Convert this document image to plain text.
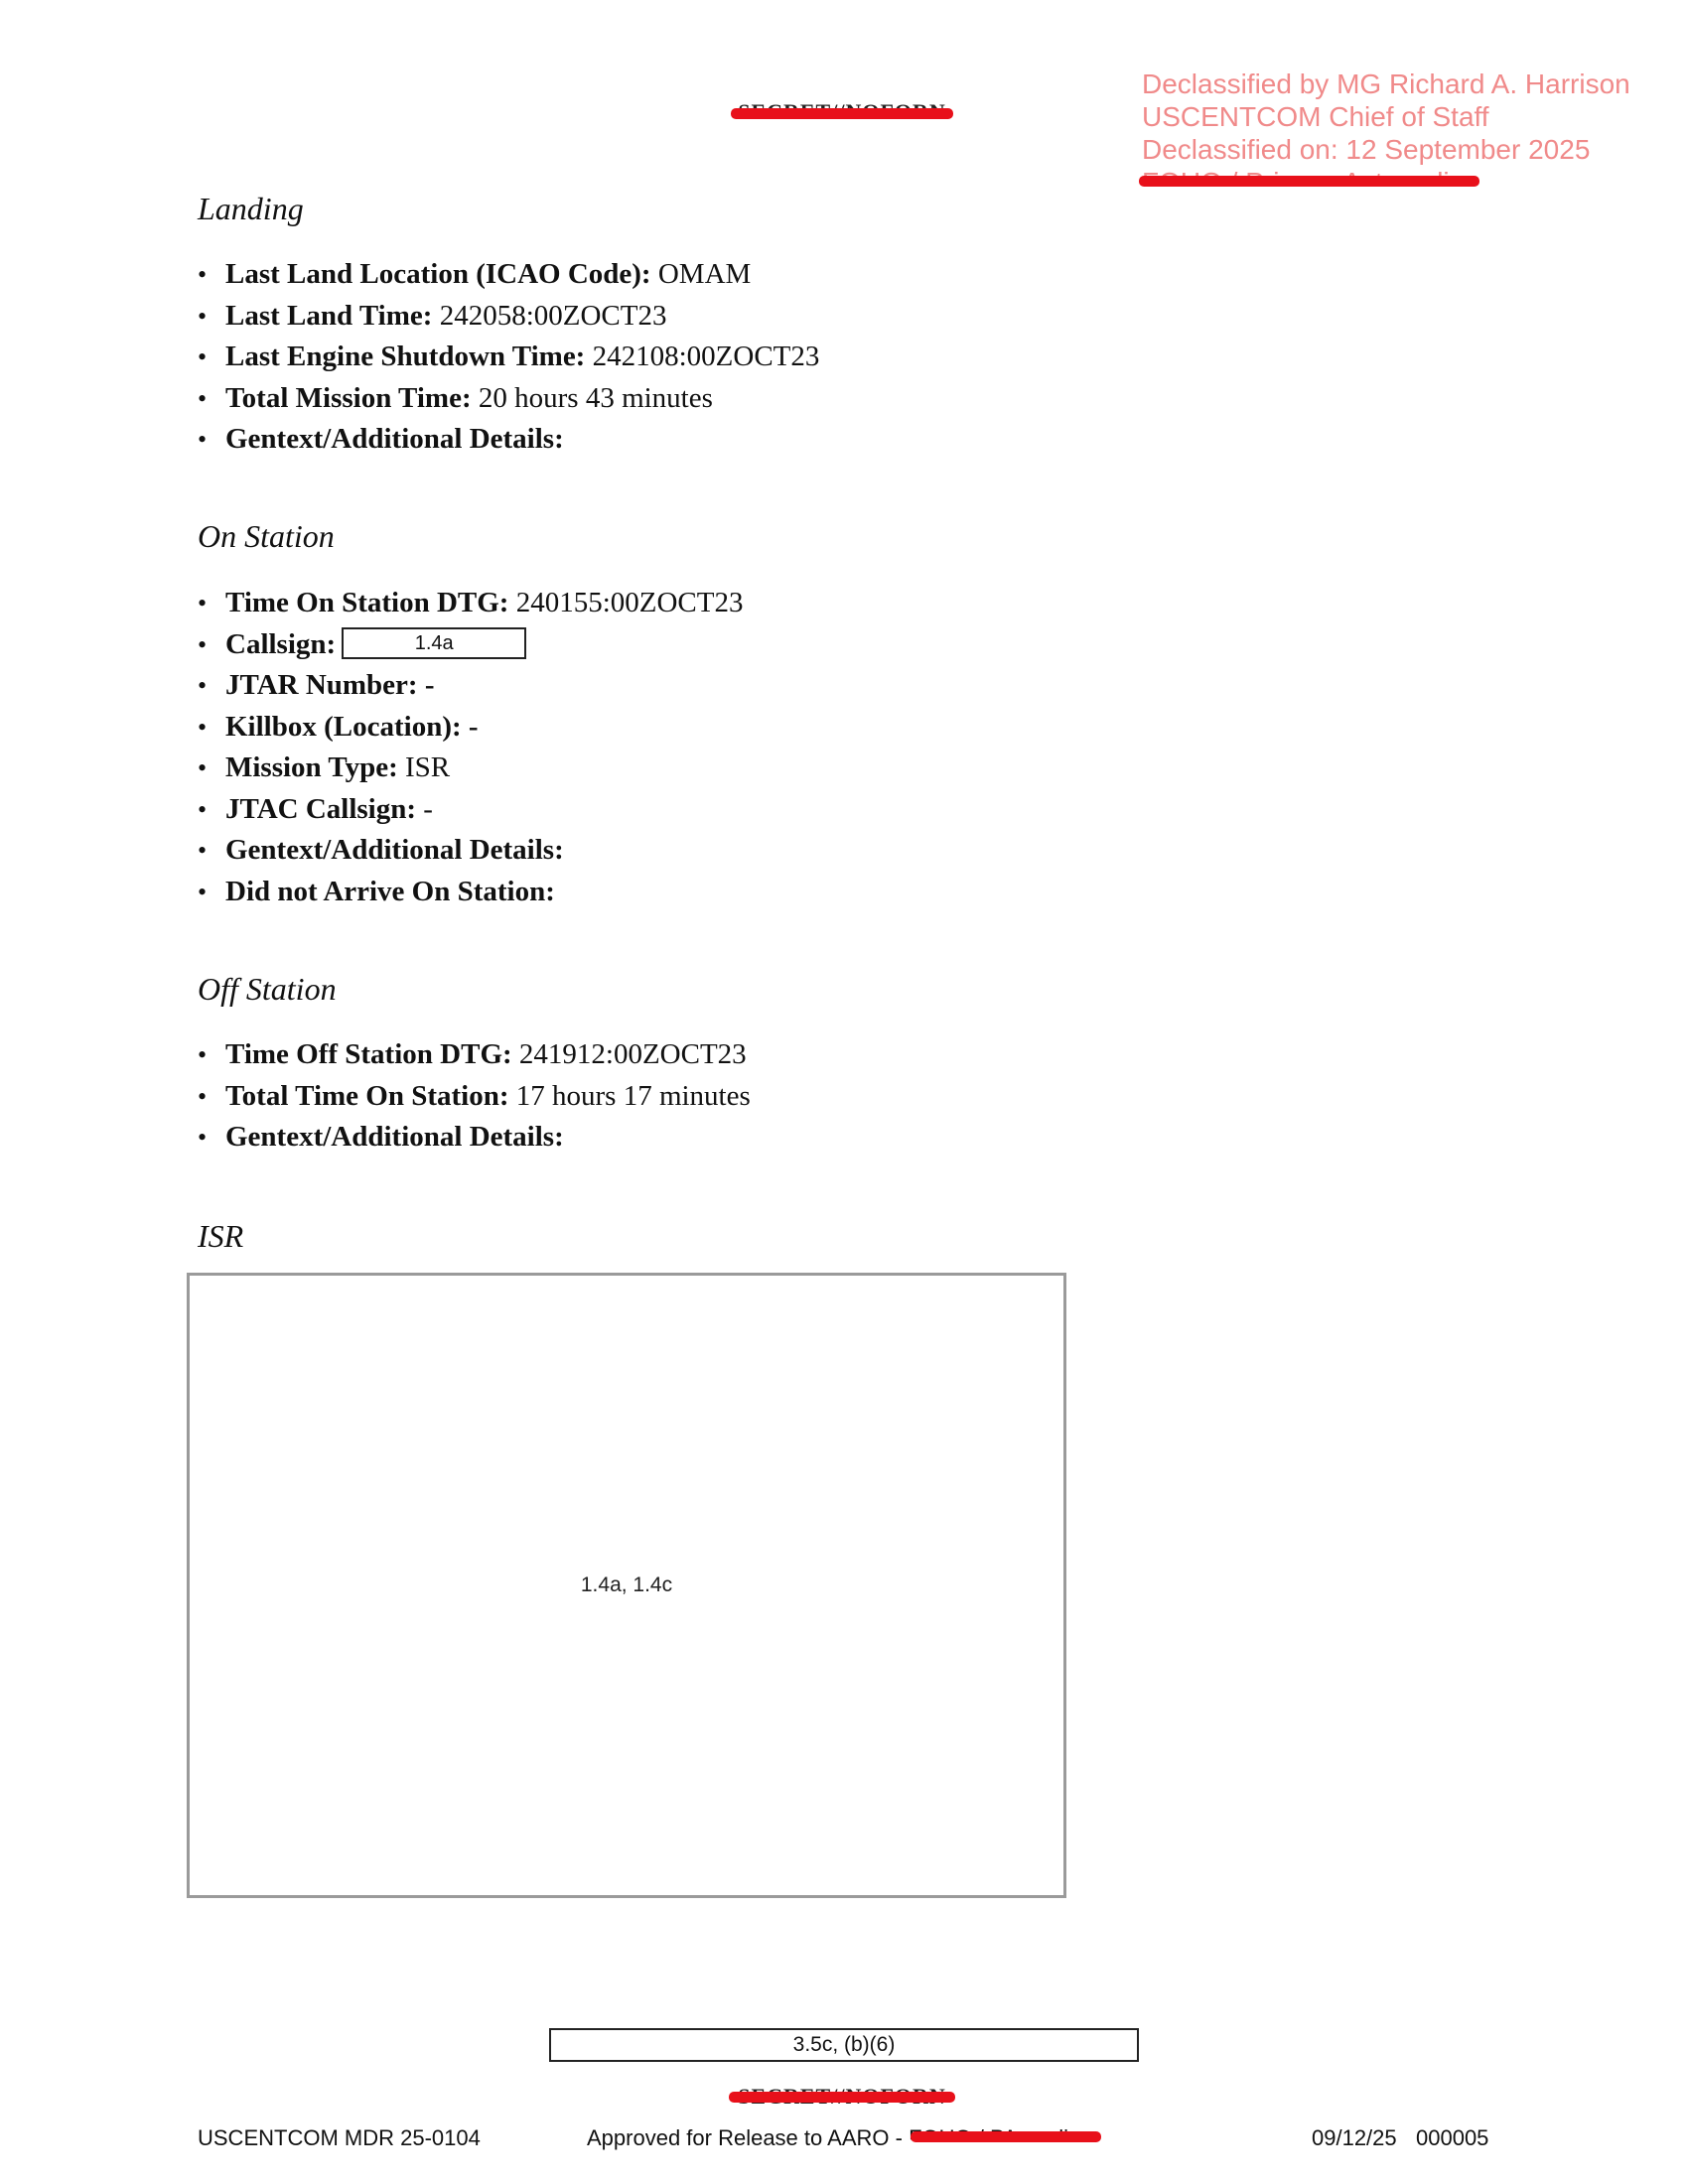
Declassified by MG Richard A. Harrison
USCENTCOM Chief of Staff
Declassified on: 12 September 2025
Landing
• Last Land Location (ICAO Code): OMAM
• Last Land Time: 242058:00ZOCT23
• Last Engine Shutdown Time: 242108:00ZOCT23
• Total Mission Time: 20 hours 43 minutes
• Gentext/Additional Details:
On Station
• Time On Station DTG: 240155:00ZOCT23
• Callsign:	1.4a
• JTAR Number: -
• Killbox (Location): -
• Mission Type: ISR
• JTAC Callsign: -
• Gentext/Additional Details:
• Did not Arrive On Station:
Off Station
• Time Off Station DTG: 241912:00ZOCT23
• Total Time On Station: 17 hours 17 minutes
• Gentext/Additional Details:
ISR
1.4a, 1.4c
3.5c, (b)(6)
USCENTCOM MDR 25-0104	Approved for Release to AARO -	09/12/25 000005
